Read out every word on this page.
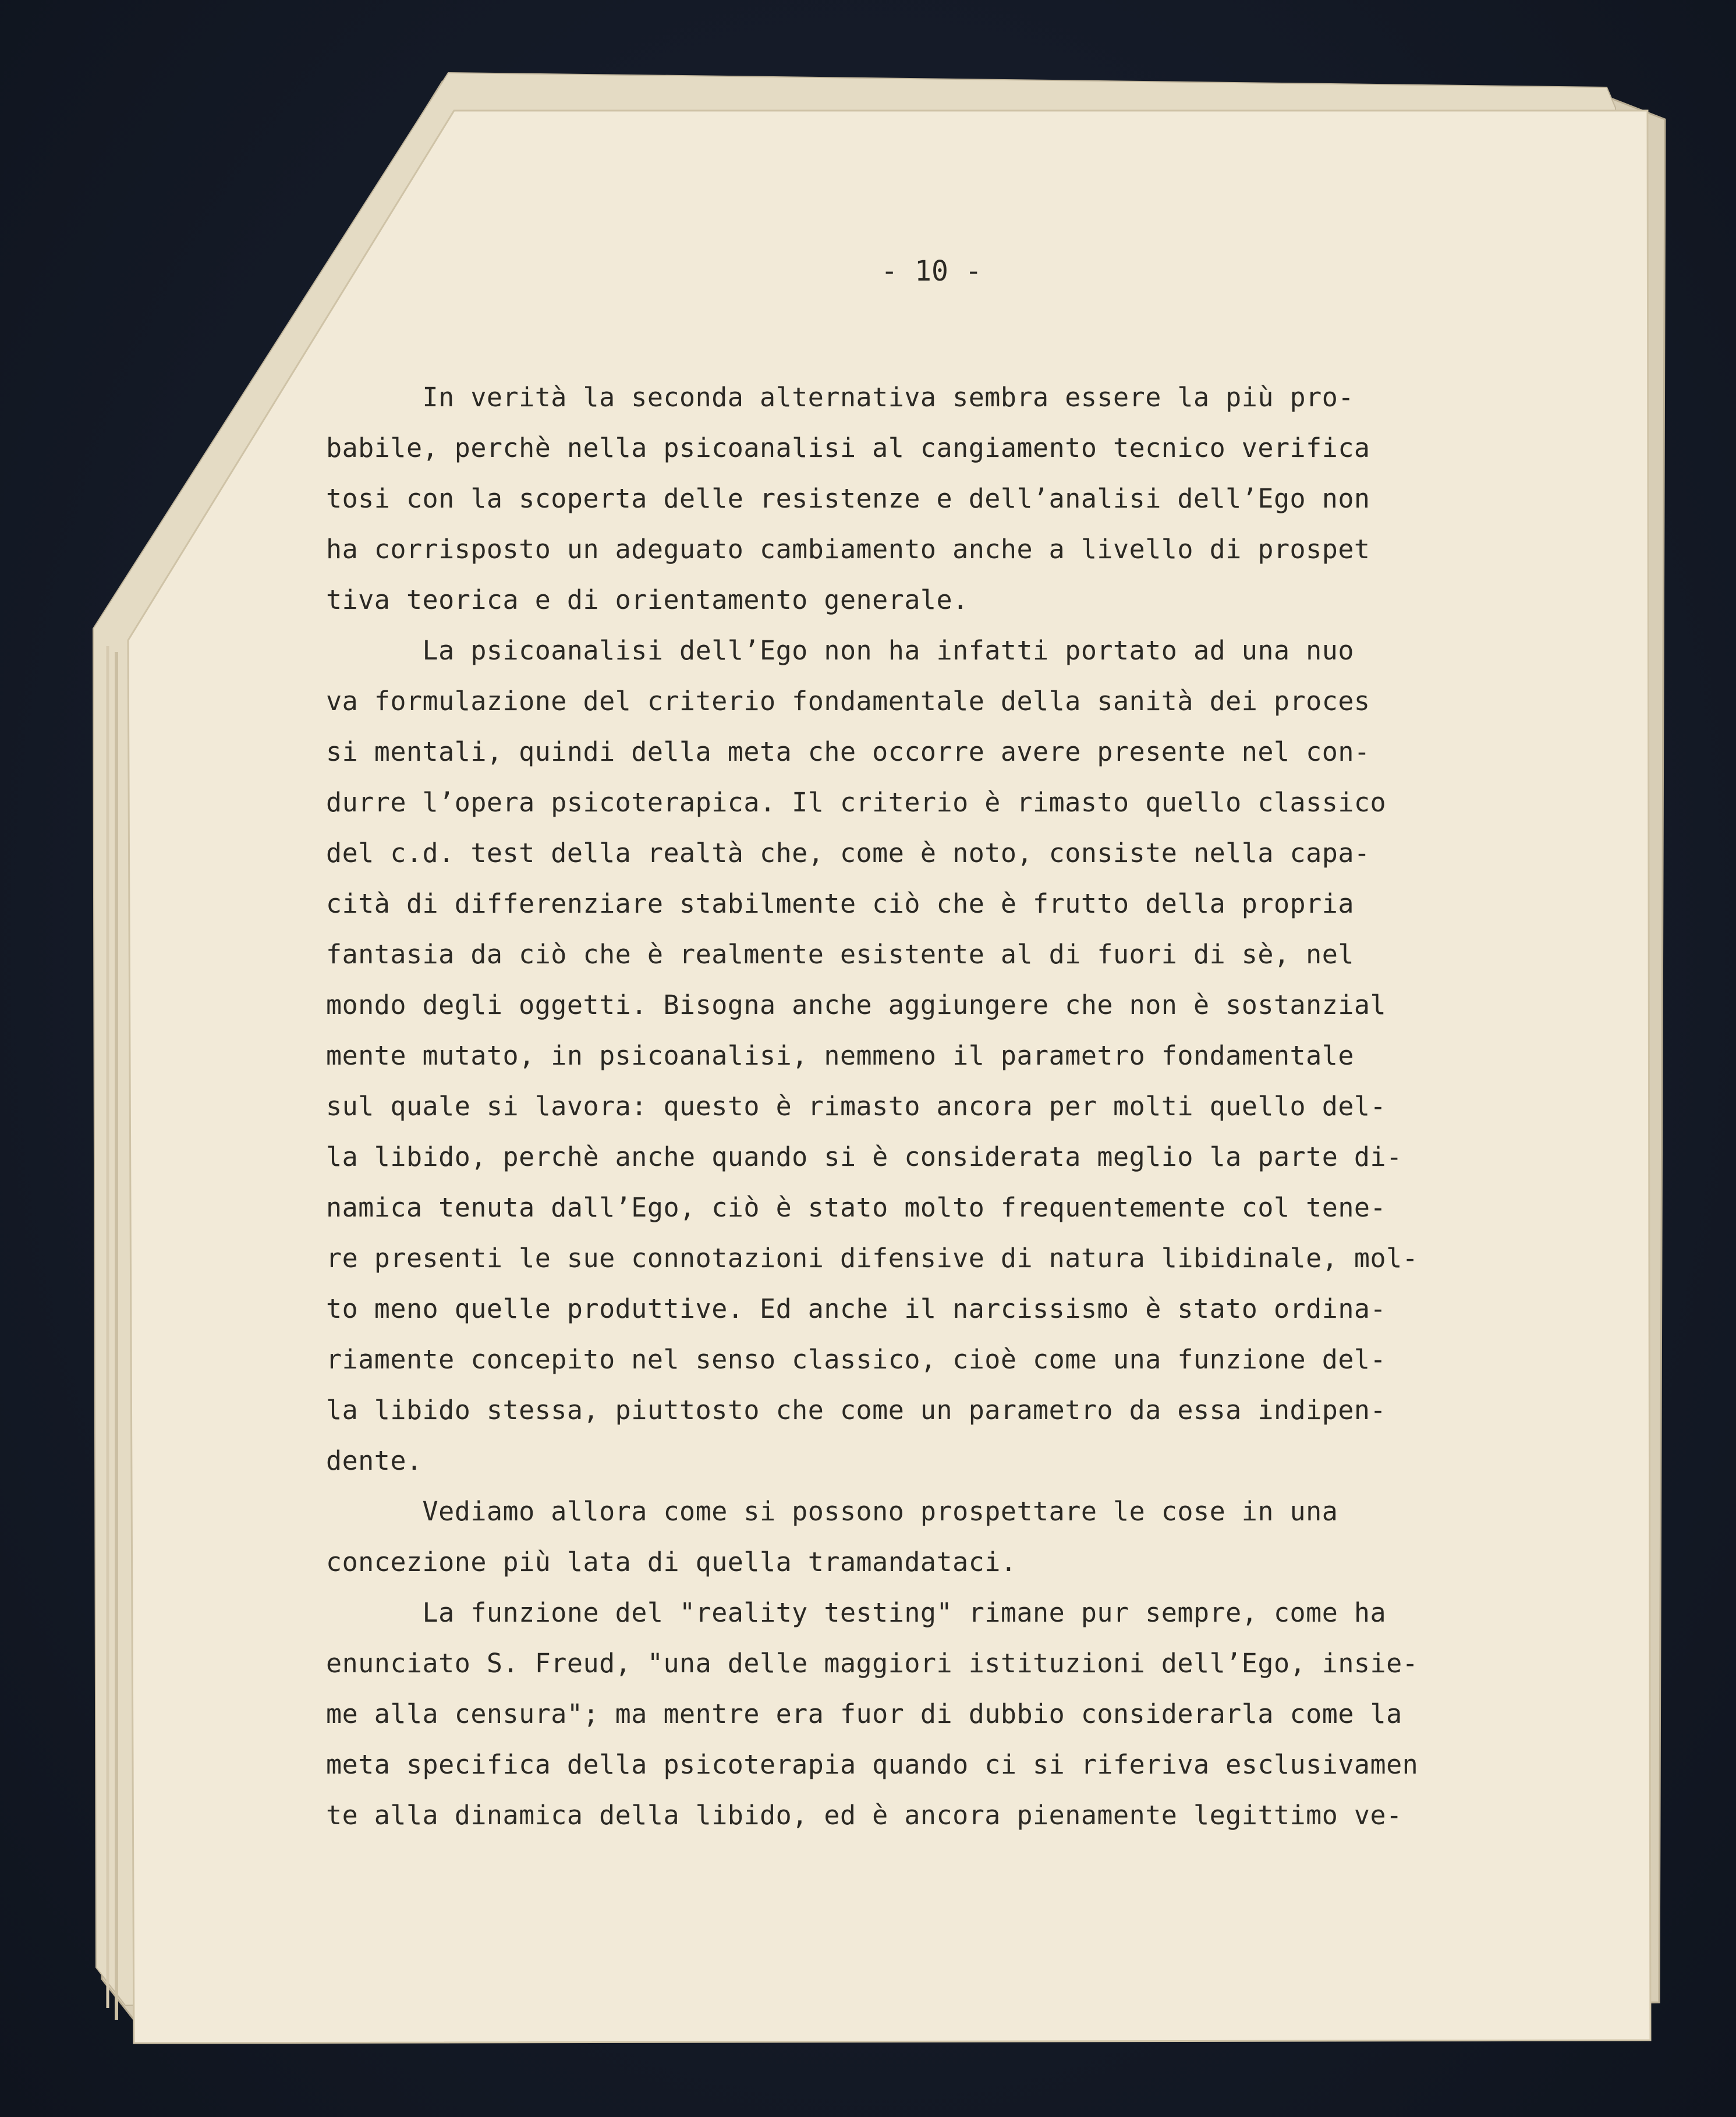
- 10 -
In verità la seconda alternativa sembra essere la più pro-
babile, perchè nella psicoanalisi al cangiamento tecnico verifica
tosi con la scoperta delle resistenze e dell’analisi dell’Ego non
ha corrisposto un adeguato cambiamento anche a livello di prospet
tiva teorica e di orientamento generale.
La psicoanalisi dell’Ego non ha infatti portato ad una nuo
va formulazione del criterio fondamentale della sanità dei proces
si mentali, quindi della meta che occorre avere presente nel con-
durre l’opera psicoterapica. Il criterio è rimasto quello classico
del c.d. test della realtà che, come è noto, consiste nella capa-
cità di differenziare stabilmente ciò che è frutto della propria
fantasia da ciò che è realmente esistente al di fuori di sè, nel
mondo degli oggetti. Bisogna anche aggiungere che non è sostanzial
mente mutato, in psicoanalisi, nemmeno il parametro fondamentale
sul quale si lavora: questo è rimasto ancora per molti quello del-
la libido, perchè anche quando si è considerata meglio la parte di-
namica tenuta dall’Ego, ciò è stato molto frequentemente col tene-
re presenti le sue connotazioni difensive di natura libidinale, mol-
to meno quelle produttive. Ed anche il narcissismo è stato ordina-
riamente concepito nel senso classico, cioè come una funzione del-
la libido stessa, piuttosto che come un parametro da essa indipen-
dente.
Vediamo allora come si possono prospettare le cose in una
concezione più lata di quella tramandataci.
La funzione del "reality testing" rimane pur sempre, come ha
enunciato S. Freud, "una delle maggiori istituzioni dell’Ego, insie-
me alla censura"; ma mentre era fuor di dubbio considerarla come la
meta specifica della psicoterapia quando ci si riferiva esclusivamen
te alla dinamica della libido, ed è ancora pienamente legittimo ve-
